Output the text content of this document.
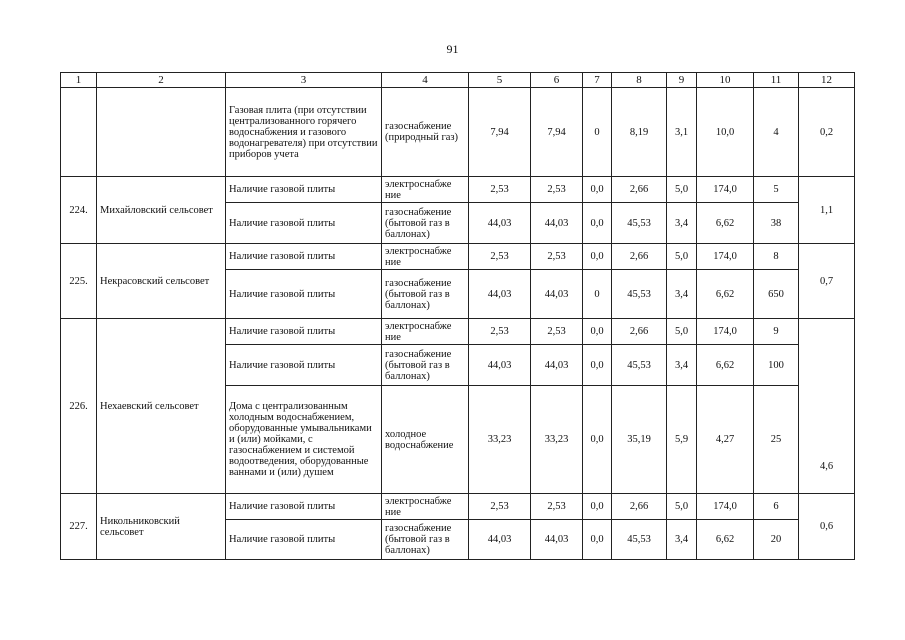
91
1	2	3	4	5	6	7	8	9	10	11	12
		Газовая плита (при отсутствии централизованного горячего водоснабжения и газового водонагревателя) при отсутствии приборов учета	газоснабжение (природный газ)	7,94	7,94	0	8,19	3,1	10,0	4	0,2
224.	Михайловский сельсовет	Наличие газовой плиты	электроснабже ние	2,53	2,53	0,0	2,66	5,0	174,0	5	1,1
		Наличие газовой плиты	газоснабжение (бытовой газ в баллонах)	44,03	44,03	0,0	45,53	3,4	6,62	38	
225.	Некрасовский сельсовет	Наличие газовой плиты	электроснабже ние	2,53	2,53	0,0	2,66	5,0	174,0	8	0,7
		Наличие газовой плиты	газоснабжение (бытовой газ в баллонах)	44,03	44,03	0	45,53	3,4	6,62	650	
226.	Нехаевский сельсовет	Наличие газовой плиты	электроснабже ние	2,53	2,53	0,0	2,66	5,0	174,0	9	4,6
		Наличие газовой плиты	газоснабжение (бытовой газ в баллонах)	44,03	44,03	0,0	45,53	3,4	6,62	100	
		Дома с централизованным холодным водоснабжением, оборудованные умывальниками и (или) мойками, с газоснабжением и системой водоотведения, оборудованные ваннами и (или) душем	холодное водоснабжение	33,23	33,23	0,0	35,19	5,9	4,27	25	
227.	Никольниковский сельсовет	Наличие газовой плиты	электроснабже ние	2,53	2,53	0,0	2,66	5,0	174,0	6	0,6
		Наличие газовой плиты	газоснабжение (бытовой газ в баллонах)	44,03	44,03	0,0	45,53	3,4	6,62	20	
